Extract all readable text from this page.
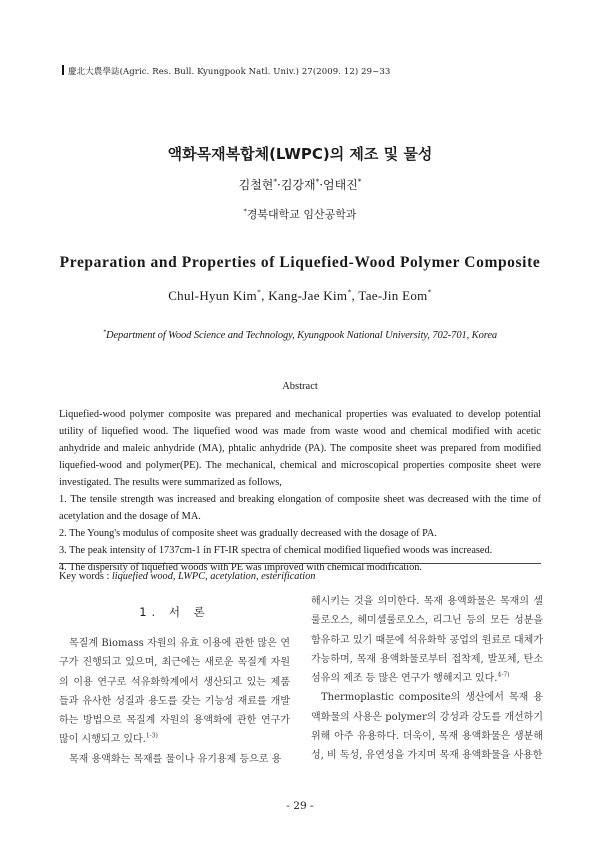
慶北大農學誌(Agric. Res. Bull. Kyungpook Natl. Univ.) 27(2009. 12) 29~33
액화목재복합체(LWPC)의 제조 및 물성
김철현*·김강재*·엄태진*
*경북대학교 임산공학과
Preparation and Properties of Liquefied-Wood Polymer Composite
Chul-Hyun Kim*, Kang-Jae Kim*, Tae-Jin Eom*
*Department of Wood Science and Technology, Kyungpook National University, 702-701, Korea
Abstract

Liquefied-wood polymer composite was prepared and mechanical properties was evaluated to develop potential utility of liquefied wood. The liquefied wood was made from waste wood and chemical modified with acetic anhydride and maleic anhydride (MA), phtalic anhydride (PA). The composite sheet was prepared from modified liquefied-wood and polymer(PE). The mechanical, chemical and microscopical properties composite sheet were investigated. The results were summarized as follows,

1. The tensile strength was increased and breaking elongation of composite sheet was decreased with the time of acetylation and the dosage of MA.

2. The Young's modulus of composite sheet was gradually decreased with the dosage of PA.

3. The peak intensity of 1737cm-1 in FT-IR spectra of chemical modified liquefied woods was increased.

4. The dispersity of liquefied woods with PE was improved with chemical modification.

Key words : liquefied wood, LWPC, acetylation, esterification
1. 서 론

목질계 Biomass 자원의 유효 이용에 관한 많은 연구가 진행되고 있으며, 최근에는 새로운 목질계 자원의 이용 연구로 석유화학계에서 생산되고 있는 제품들과 유사한 성질과 용도를 갖는 기능성 재료를 개발하는 방법으로 목질계 자원의 용액화에 관한 연구가 많이 시행되고 있다.$^{1-3)}$

목재 용액화는 목재를 물이나 유기용제 등으로 용

해시키는 것을 의미한다. 목재 용액화물은 목재의 셀룰로오스, 헤미셀룰로오스, 리그닌 등의 모든 성분을 함유하고 있기 때문에 석유화학 공업의 원료로 대체가 가능하며, 목재 용액화물로부터 접착제, 발포체, 탄소섬유의 제조 등 많은 연구가 행해지고 있다.$^{4-7)}$

Thermoplastic composite의 생산에서 목재 용액화물의 사용은 polymer의 강성과 강도를 개선하기 위해 아주 유용하다. 더욱이, 목재 용액화물은 생분해성, 비 독성, 유연성을 가지며 목재 용액화물을 사용한

- 29 -
